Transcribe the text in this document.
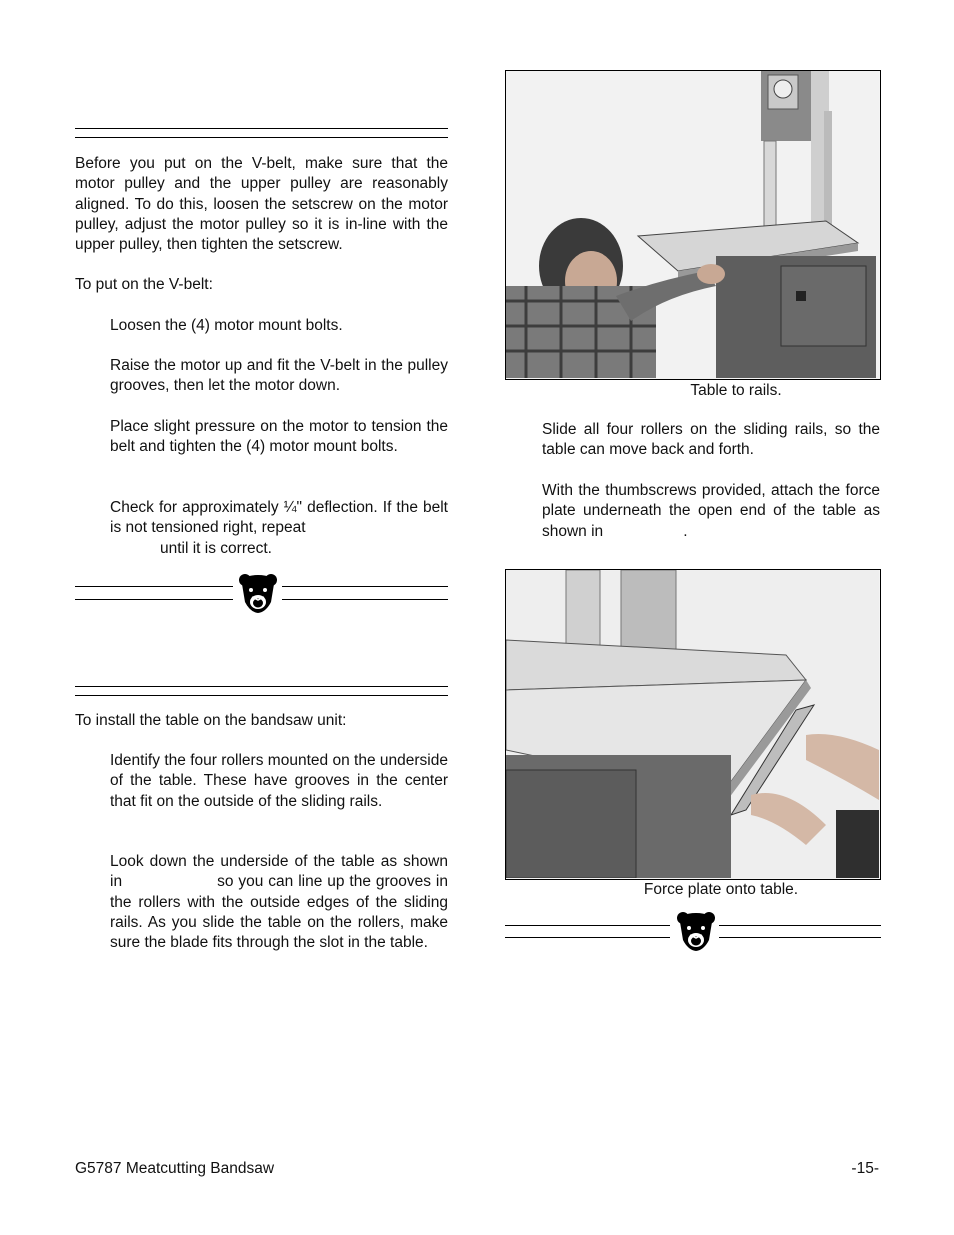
Before you put on the V-belt, make sure that the motor pulley and the upper pulley are reasonably aligned. To do this, loosen the setscrew on the motor pulley, adjust the motor pulley so it is in-line with the upper pulley, then tighten the setscrew.

To put on the V-belt:

Loosen the (4) motor mount bolts.

Raise the motor up and fit the V-belt in the pulley grooves, then let the motor down.

Place slight pressure on the motor to tension the belt and tighten the (4) motor mount bolts.

Check for approximately ¼" deflection. If the belt is not tensioned right, repeat
until it is correct.

To install the table on the bandsaw unit:

Identify the four rollers mounted on the underside of the table. These have grooves in the center that fit on the outside of the sliding rails.

Look down the underside of the table as shown in	so you can line up the grooves in the rollers with the outside edges of the sliding rails. As you slide the table on the rollers, make sure the blade fits through the slot in the table.

Table to rails.

Slide all four rollers on the sliding rails, so the table can move back and forth.

With the thumbscrews provided, attach the force plate underneath the open end of the table as shown in	.

Force plate onto table.
G5787 Meatcutting Bandsaw	-15-
